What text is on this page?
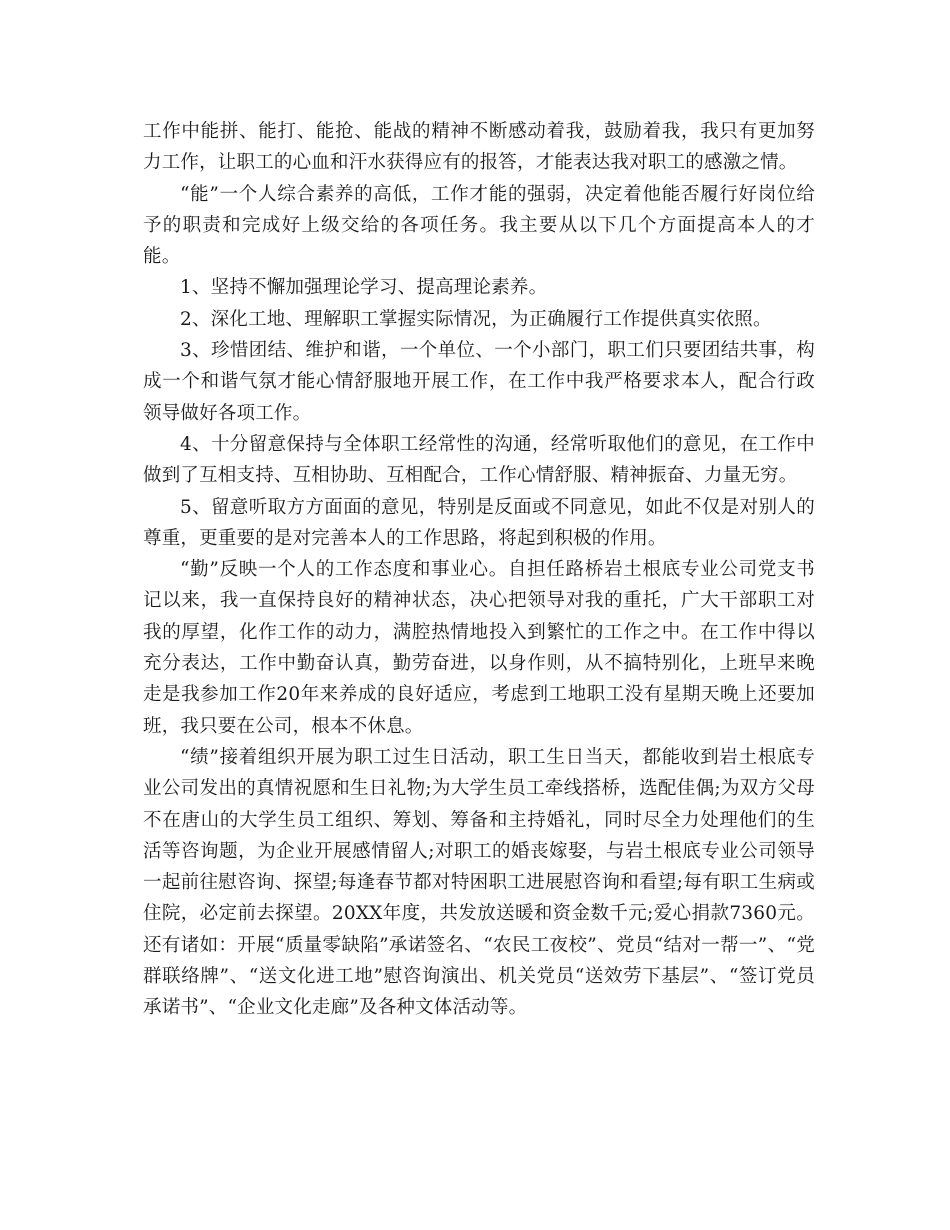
工作中能拼、能打、能抢、能战的精神不断感动着我，鼓励着我，我只有更加努力工作，让职工的心血和汗水获得应有的报答，才能表达我对职工的感激之情。

“能”一个人综合素养的高低，工作才能的强弱，决定着他能否履行好岗位给予的职责和完成好上级交给的各项任务。我主要从以下几个方面提高本人的才能。

1、坚持不懈加强理论学习、提高理论素养。

2、深化工地、理解职工掌握实际情况，为正确履行工作提供真实依照。

3、珍惜团结、维护和谐，一个单位、一个小部门，职工们只要团结共事，构成一个和谐气氛才能心情舒服地开展工作，在工作中我严格要求本人，配合行政领导做好各项工作。

4、十分留意保持与全体职工经常性的沟通，经常听取他们的意见，在工作中做到了互相支持、互相协助、互相配合，工作心情舒服、精神振奋、力量无穷。

5、留意听取方方面面的意见，特别是反面或不同意见，如此不仅是对别人的尊重，更重要的是对完善本人的工作思路，将起到积极的作用。

“勤”反映一个人的工作态度和事业心。自担任路桥岩土根底专业公司党支书记以来，我一直保持良好的精神状态，决心把领导对我的重托，广大干部职工对我的厚望，化作工作的动力，满腔热情地投入到繁忙的工作之中。在工作中得以充分表达，工作中勤奋认真，勤劳奋进，以身作则，从不搞特别化，上班早来晚走是我参加工作20年来养成的良好适应，考虑到工地职工没有星期天晚上还要加班，我只要在公司，根本不休息。

“绩”接着组织开展为职工过生日活动，职工生日当天，都能收到岩土根底专业公司发出的真情祝愿和生日礼物;为大学生员工牵线搭桥，选配佳偶;为双方父母不在唐山的大学生员工组织、筹划、筹备和主持婚礼，同时尽全力处理他们的生活等咨询题，为企业开展感情留人;对职工的婚丧嫁娶，与岩土根底专业公司领导一起前往慰咨询、探望;每逢春节都对特困职工进展慰咨询和看望;每有职工生病或住院，必定前去探望。20XX年度，共发放送暖和资金数千元;爱心捐款7360元。还有诸如：开展“质量零缺陷”承诺签名、“农民工夜校”、党员“结对一帮一”、“党群联络牌”、“送文化进工地”慰咨询演出、机关党员“送效劳下基层”、“签订党员承诺书”、“企业文化走廊”及各种文体活动等。
